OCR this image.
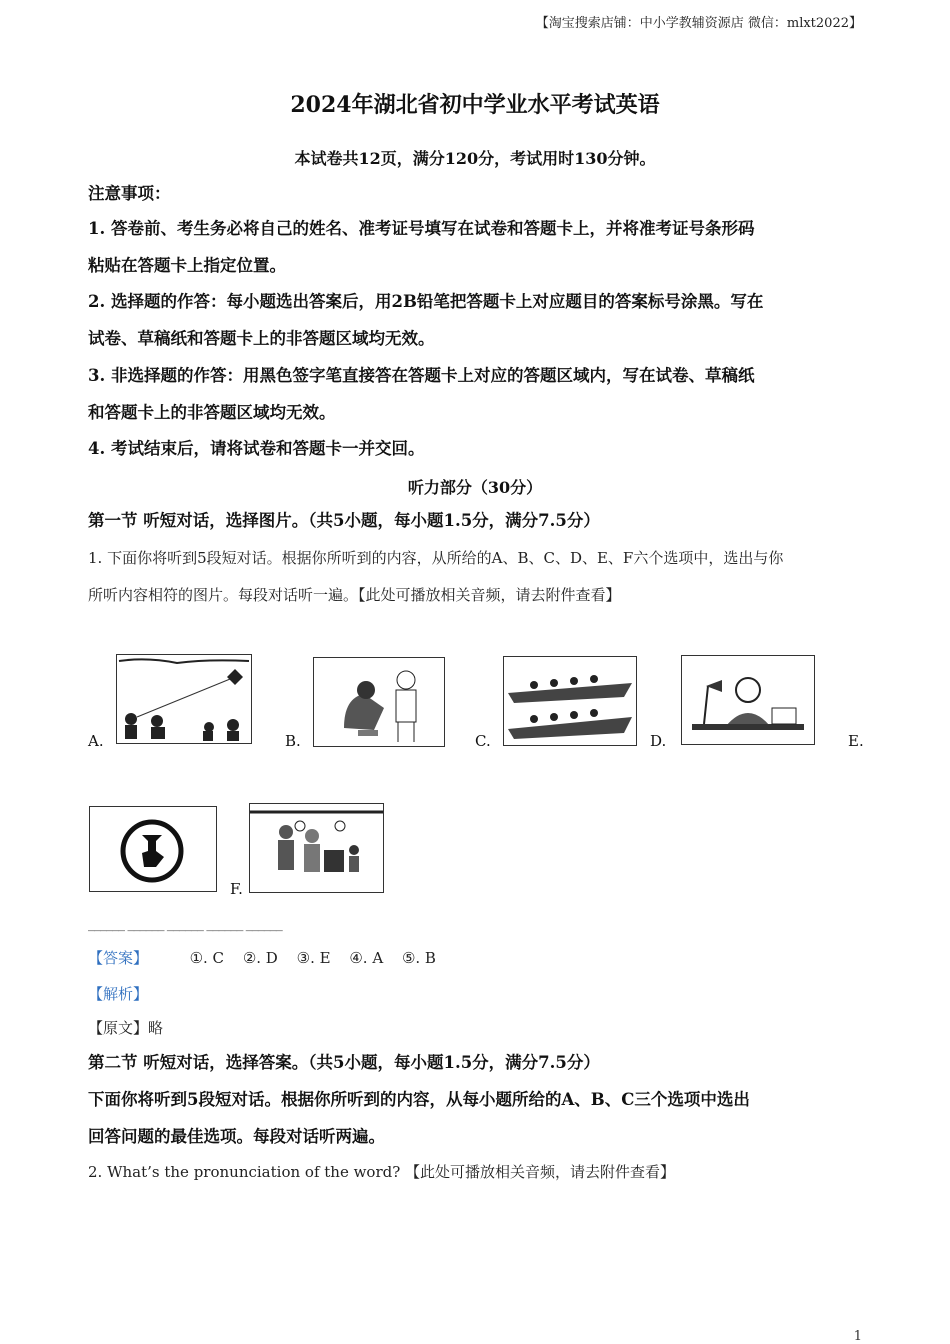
【淘宝搜索店铺：中小学教辅资源店 微信：mlxt2022】
2024年湖北省初中学业水平考试英语
本试卷共12页，满分120分，考试用时130分钟。
注意事项：
1. 答卷前、考生务必将自己的姓名、准考证号填写在试卷和答题卡上，并将准考证号条形码
粘贴在答题卡上指定位置。
2. 选择题的作答：每小题选出答案后，用2B铅笔把答题卡上对应题目的答案标号涂黑。写在
试卷、草稿纸和答题卡上的非答题区域均无效。
3. 非选择题的作答：用黑色签字笔直接答在答题卡上对应的答题区域内，写在试卷、草稿纸
和答题卡上的非答题区域均无效。
4. 考试结束后，请将试卷和答题卡一并交回。
听力部分（30分）
第一节 听短对话，选择图片。（共5小题，每小题1.5分，满分7.5分）
1. 下面你将听到5段短对话。根据你所听到的内容，从所给的A、B、C、D、E、F六个选项中，选出与你
所听内容相符的图片。每段对话听一遍。【此处可播放相关音频，请去附件查看】
A.	B.	C.	D.	E.
F.
______ ______ ______ ______ ______
【答案】	①. C ②. D ③. E ④. A ⑤. B
【解析】
【原文】略
第二节 听短对话，选择答案。（共5小题，每小题1.5分，满分7.5分）
下面你将听到5段短对话。根据你所听到的内容，从每小题所给的A、B、C三个选项中选出
回答问题的最佳选项。每段对话听两遍。
2. What’s the pronunciation of the word? 【此处可播放相关音频，请去附件查看】
1
